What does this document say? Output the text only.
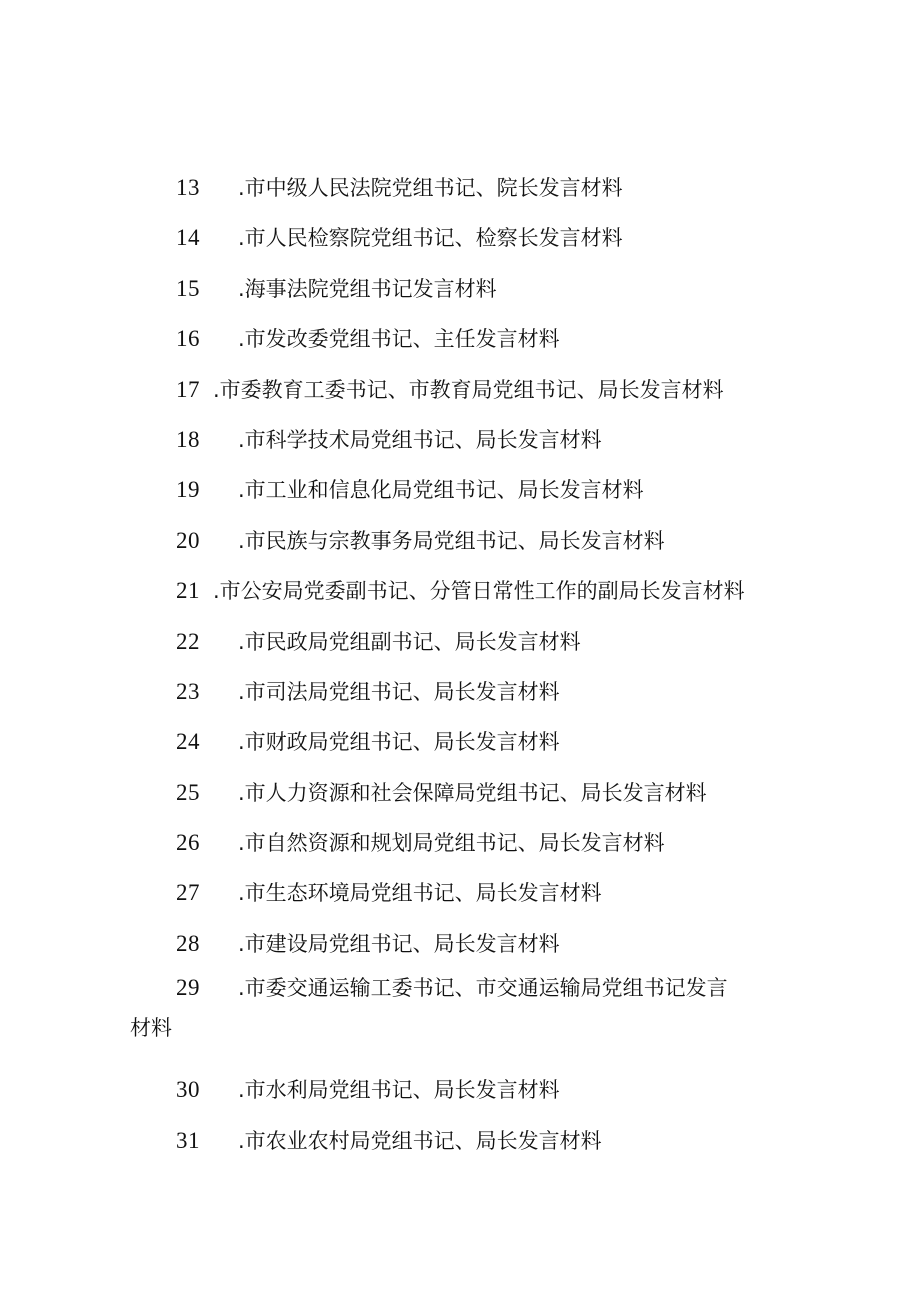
13 .市中级人民法院党组书记、院长发言材料
14 .市人民检察院党组书记、检察长发言材料
15 .海事法院党组书记发言材料
16 .市发改委党组书记、主任发言材料
17 .市委教育工委书记、市教育局党组书记、局长发言材料
18 .市科学技术局党组书记、局长发言材料
19 .市工业和信息化局党组书记、局长发言材料
20 .市民族与宗教事务局党组书记、局长发言材料
21 .市公安局党委副书记、分管日常性工作的副局长发言材料
22 .市民政局党组副书记、局长发言材料
23 .市司法局党组书记、局长发言材料
24 .市财政局党组书记、局长发言材料
25 .市人力资源和社会保障局党组书记、局长发言材料
26 .市自然资源和规划局党组书记、局长发言材料
27 .市生态环境局党组书记、局长发言材料
28 .市建设局党组书记、局长发言材料
29 .市委交通运输工委书记、市交通运输局党组书记发言
材料
30 .市水利局党组书记、局长发言材料
31 .市农业农村局党组书记、局长发言材料
